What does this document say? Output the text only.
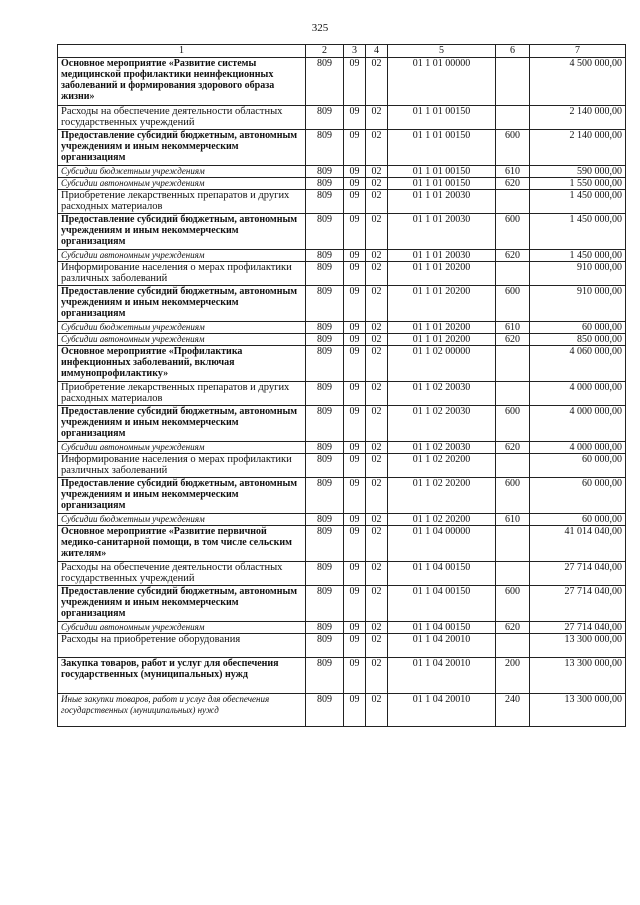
325
1	2	3	4	5	6	7
Основное мероприятие «Развитие системы медицинской профилактики неинфекционных заболеваний и формирования здорового образа жизни»	809	09	02	01 1 01 00000		4 500 000,00
Расходы на обеспечение деятельности областных государственных учреждений	809	09	02	01 1 01 00150		2 140 000,00
Предоставление субсидий бюджетным, автономным учреждениям и иным некоммерческим организациям	809	09	02	01 1 01 00150	600	2 140 000,00
Субсидии бюджетным учреждениям	809	09	02	01 1 01 00150	610	590 000,00
Субсидии автономным учреждениям	809	09	02	01 1 01 00150	620	1 550 000,00
Приобретение лекарственных препаратов и других расходных материалов	809	09	02	01 1 01 20030		1 450 000,00
Предоставление субсидий бюджетным, автономным учреждениям и иным некоммерческим организациям	809	09	02	01 1 01 20030	600	1 450 000,00
Субсидии автономным учреждениям	809	09	02	01 1 01 20030	620	1 450 000,00
Информирование населения о мерах профилактики различных заболеваний	809	09	02	01 1 01 20200		910 000,00
Предоставление субсидий бюджетным, автономным учреждениям и иным некоммерческим организациям	809	09	02	01 1 01 20200	600	910 000,00
Субсидии бюджетным учреждениям	809	09	02	01 1 01 20200	610	60 000,00
Субсидии автономным учреждениям	809	09	02	01 1 01 20200	620	850 000,00
Основное мероприятие «Профилактика инфекционных заболеваний, включая иммунопрофилактику»	809	09	02	01 1 02 00000		4 060 000,00
Приобретение лекарственных препаратов и других расходных материалов	809	09	02	01 1 02 20030		4 000 000,00
Предоставление субсидий бюджетным, автономным учреждениям и иным некоммерческим организациям	809	09	02	01 1 02 20030	600	4 000 000,00
Субсидии автономным учреждениям	809	09	02	01 1 02 20030	620	4 000 000,00
Информирование населения о мерах профилактики различных заболеваний	809	09	02	01 1 02 20200		60 000,00
Предоставление субсидий бюджетным, автономным учреждениям и иным некоммерческим организациям	809	09	02	01 1 02 20200	600	60 000,00
Субсидии бюджетным учреждениям	809	09	02	01 1 02 20200	610	60 000,00
Основное мероприятие «Развитие первичной медико-санитарной помощи, в том числе сельским жителям»	809	09	02	01 1 04 00000		41 014 040,00
Расходы на обеспечение деятельности областных государственных учреждений	809	09	02	01 1 04 00150		27 714 040,00
Предоставление субсидий бюджетным, автономным учреждениям и иным некоммерческим организациям	809	09	02	01 1 04 00150	600	27 714 040,00
Субсидии автономным учреждениям	809	09	02	01 1 04 00150	620	27 714 040,00
Расходы на приобретение оборудования	809	09	02	01 1 04 20010		13 300 000,00
Закупка товаров, работ и услуг для обеспечения государственных (муниципальных) нужд	809	09	02	01 1 04 20010	200	13 300 000,00
Иные закупки товаров, работ и услуг для обеспечения государственных (муниципальных) нужд	809	09	02	01 1 04 20010	240	13 300 000,00
